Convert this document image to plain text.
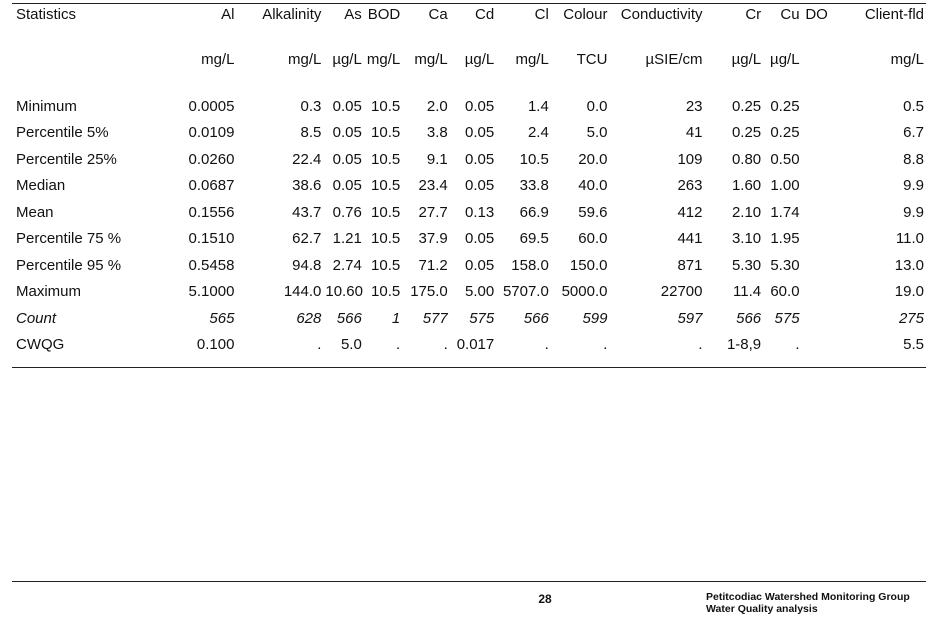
Statistics	Al	Alkalinity	As	BOD	Ca	Cd	Cl	Colour	Conductivity	Cr	Cu	DO	Client-fld
	mg/L	mg/L	µg/L	mg/L	mg/L	µg/L	mg/L	TCU	µSIE/cm	µg/L	µg/L		mg/L

Minimum	0.0005	0.3	0.05	10.5	2.0	0.05	1.4	0.0	23	0.25	0.25		0.5
Percentile 5%	0.0109	8.5	0.05	10.5	3.8	0.05	2.4	5.0	41	0.25	0.25		6.7
Percentile 25%	0.0260	22.4	0.05	10.5	9.1	0.05	10.5	20.0	109	0.80	0.50		8.8
Median	0.0687	38.6	0.05	10.5	23.4	0.05	33.8	40.0	263	1.60	1.00		9.9
Mean	0.1556	43.7	0.76	10.5	27.7	0.13	66.9	59.6	412	2.10	1.74		9.9
Percentile 75 %	0.1510	62.7	1.21	10.5	37.9	0.05	69.5	60.0	441	3.10	1.95		11.0
Percentile 95 %	0.5458	94.8	2.74	10.5	71.2	0.05	158.0	150.0	871	5.30	5.30		13.0
Maximum	5.1000	144.0	10.60	10.5	175.0	5.00	5707.0	5000.0	22700	11.4	60.0		19.0
Count	565	628	566	1	577	575	566	599	597	566	575		275
CWQG	0.100	.	5.0	.	.	0.017	.	.	.	1-8,9	.		5.5
28	Petitcodiac Watershed Monitoring Group
Water Quality analysis
